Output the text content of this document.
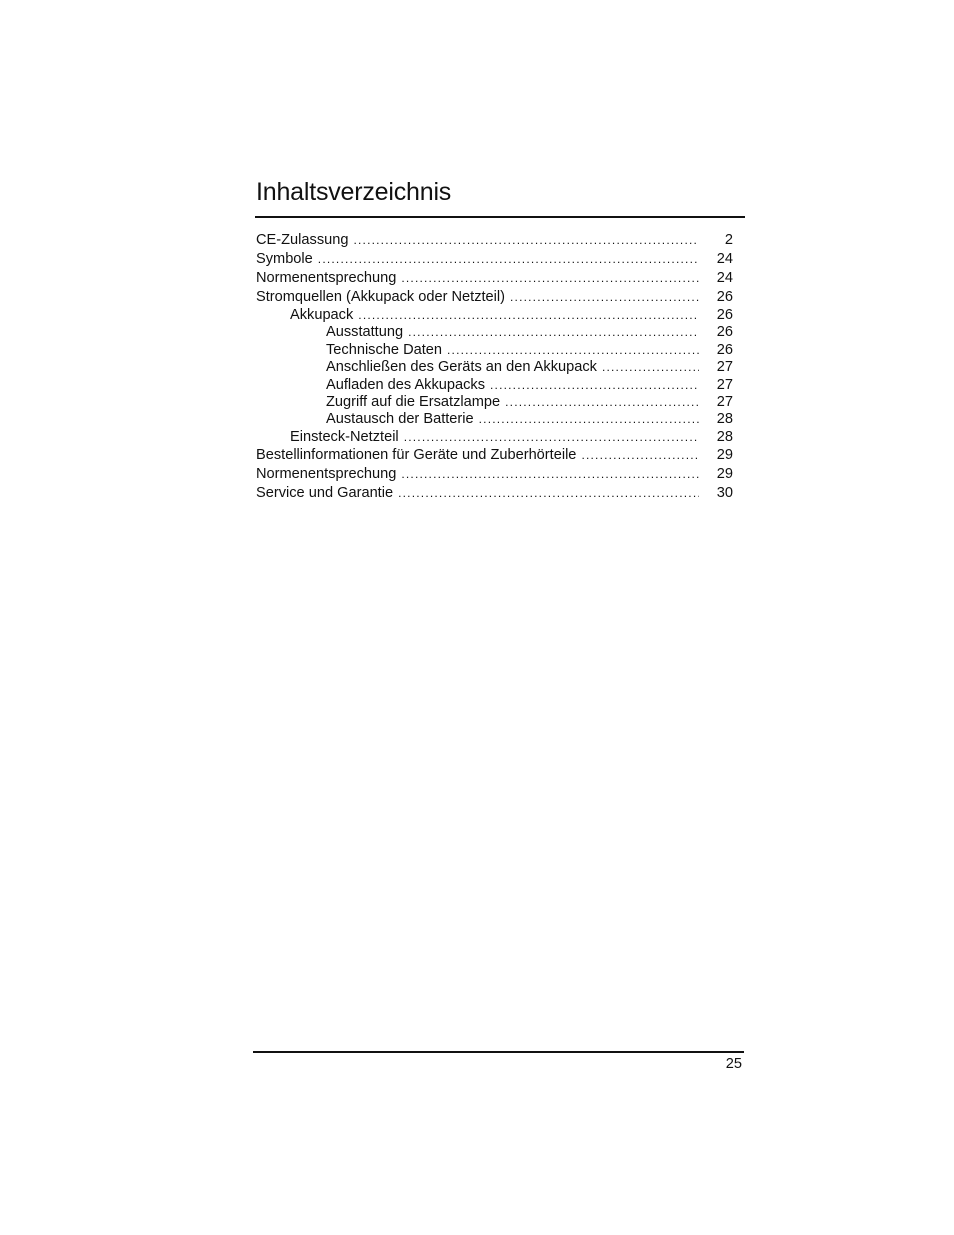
Inhaltsverzeichnis
CE-Zulassung .....	2
Symbole .....	24
Normenentsprechung .....	24
Stromquellen (Akkupack oder Netzteil) .....	26
Akkupack .....	26
Ausstattung .....	26
Technische Daten .....	26
Anschließen des Geräts an den Akkupack .....	27
Aufladen des Akkupacks .....	27
Zugriff auf die Ersatzlampe .....	27
Austausch der Batterie .....	28
Einsteck-Netzteil .....	28
Bestellinformationen für Geräte und Zuberhörteile .....	29
Normenentsprechung .....	29
Service und Garantie .....	30
25
